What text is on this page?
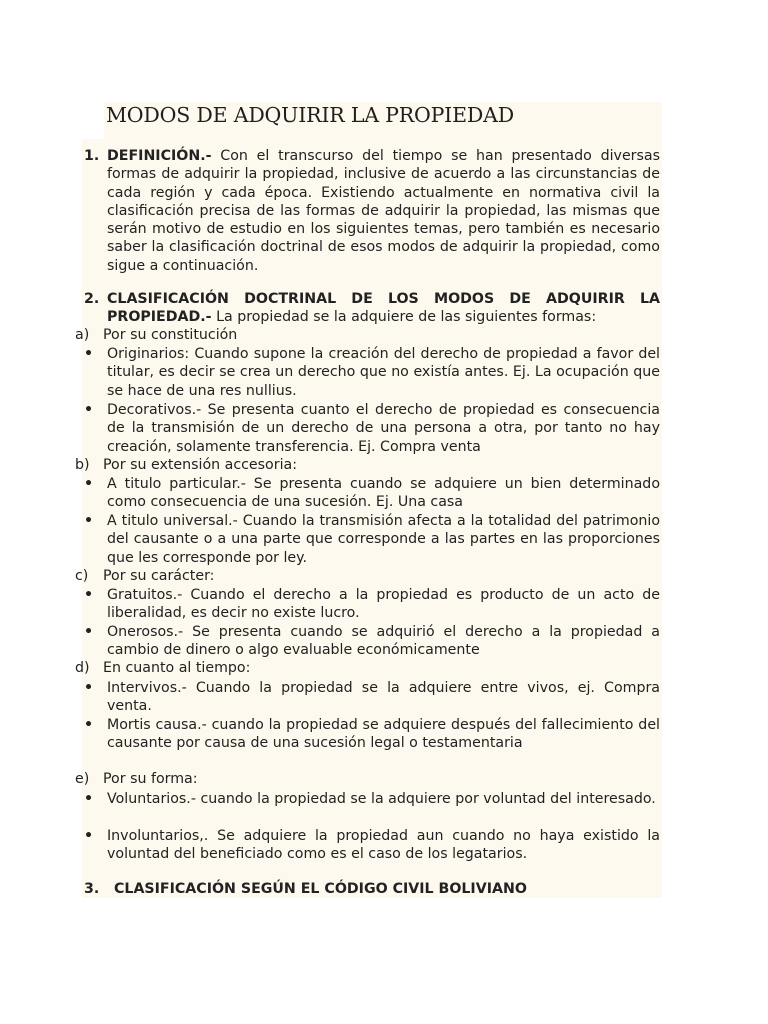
MODOS DE ADQUIRIR LA PROPIEDAD
1. DEFINICIÓN.- Con el transcurso del tiempo se han presentado diversas formas de adquirir la propiedad, inclusive de acuerdo a las circunstancias de cada región y cada época. Existiendo actualmente en normativa civil la clasificación precisa de las formas de adquirir la propiedad, las mismas que serán motivo de estudio en los siguientes temas, pero también es necesario saber la clasificación doctrinal de esos modos de adquirir la propiedad, como sigue a continuación.
2. CLASIFICACIÓN DOCTRINAL DE LOS MODOS DE ADQUIRIR LA PROPIEDAD.- La propiedad se la adquiere de las siguientes formas:
a) Por su constitución
• Originarios: Cuando supone la creación del derecho de propiedad a favor del titular, es decir se crea un derecho que no existía antes. Ej. La ocupación que se hace de una res nullius.
• Decorativos.- Se presenta cuanto el derecho de propiedad es consecuencia de la transmisión de un derecho de una persona a otra, por tanto no hay creación, solamente transferencia. Ej. Compra venta
b) Por su extensión accesoria:
• A titulo particular.- Se presenta cuando se adquiere un bien determinado como consecuencia de una sucesión. Ej. Una casa
• A titulo universal.- Cuando la transmisión afecta a la totalidad del patrimonio del causante o a una parte que corresponde a las partes en las proporciones que les corresponde por ley.
c) Por su carácter:
• Gratuitos.- Cuando el derecho a la propiedad es producto de un acto de liberalidad, es decir no existe lucro.
• Onerosos.- Se presenta cuando se adquirió el derecho a la propiedad a cambio de dinero o algo evaluable económicamente
d) En cuanto al tiempo:
• Intervivos.- Cuando la propiedad se la adquiere entre vivos, ej. Compra venta.
• Mortis causa.- cuando la propiedad se adquiere después del fallecimiento del causante por causa de una sucesión legal o testamentaria
e) Por su forma:
• Voluntarios.- cuando la propiedad se la adquiere por voluntad del interesado.
• Involuntarios,. Se adquiere la propiedad aun cuando no haya existido la voluntad del beneficiado como es el caso de los legatarios.
3. CLASIFICACIÓN SEGÚN EL CÓDIGO CIVIL BOLIVIANO
